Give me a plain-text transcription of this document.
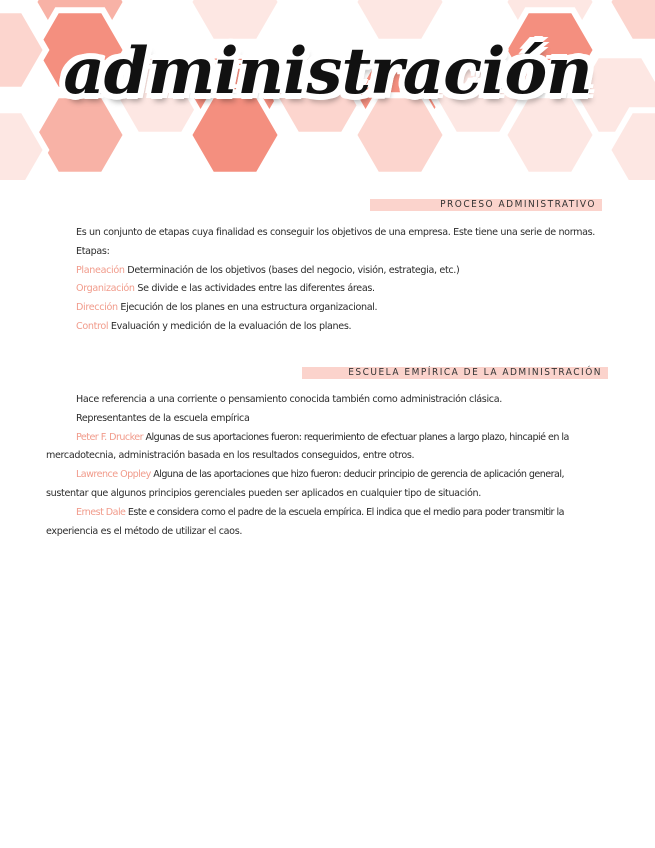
administración
PROCESO ADMINISTRATIVO

Es un conjunto de etapas cuya finalidad es conseguir los objetivos de una empresa. Este tiene una serie de normas.

Etapas:

Planeación Determinación de los objetivos (bases del negocio, visión, estrategia, etc.)

Organización Se divide e las actividades entre las diferentes áreas.

Dirección Ejecución de los planes en una estructura organizacional.

Control Evaluación y medición de la evaluación de los planes.

ESCUELA EMPÍRICA DE LA ADMINISTRACIÓN

Hace referencia a una corriente o pensamiento conocida también como administración clásica.

Representantes de la escuela empírica

Peter F. Drucker Algunas de sus aportaciones fueron: requerimiento de efectuar planes a largo plazo, hincapié en la

mercadotecnia, administración basada en los resultados conseguidos, entre otros.

Lawrence Oppley Alguna de las aportaciones que hizo fueron: deducir principio de gerencia de aplicación general,

sustentar que algunos principios gerenciales pueden ser aplicados en cualquier tipo de situación.

Ernest Dale Este e considera como el padre de la escuela empírica. El indica que el medio para poder transmitir la

experiencia es el método de utilizar el caos.
